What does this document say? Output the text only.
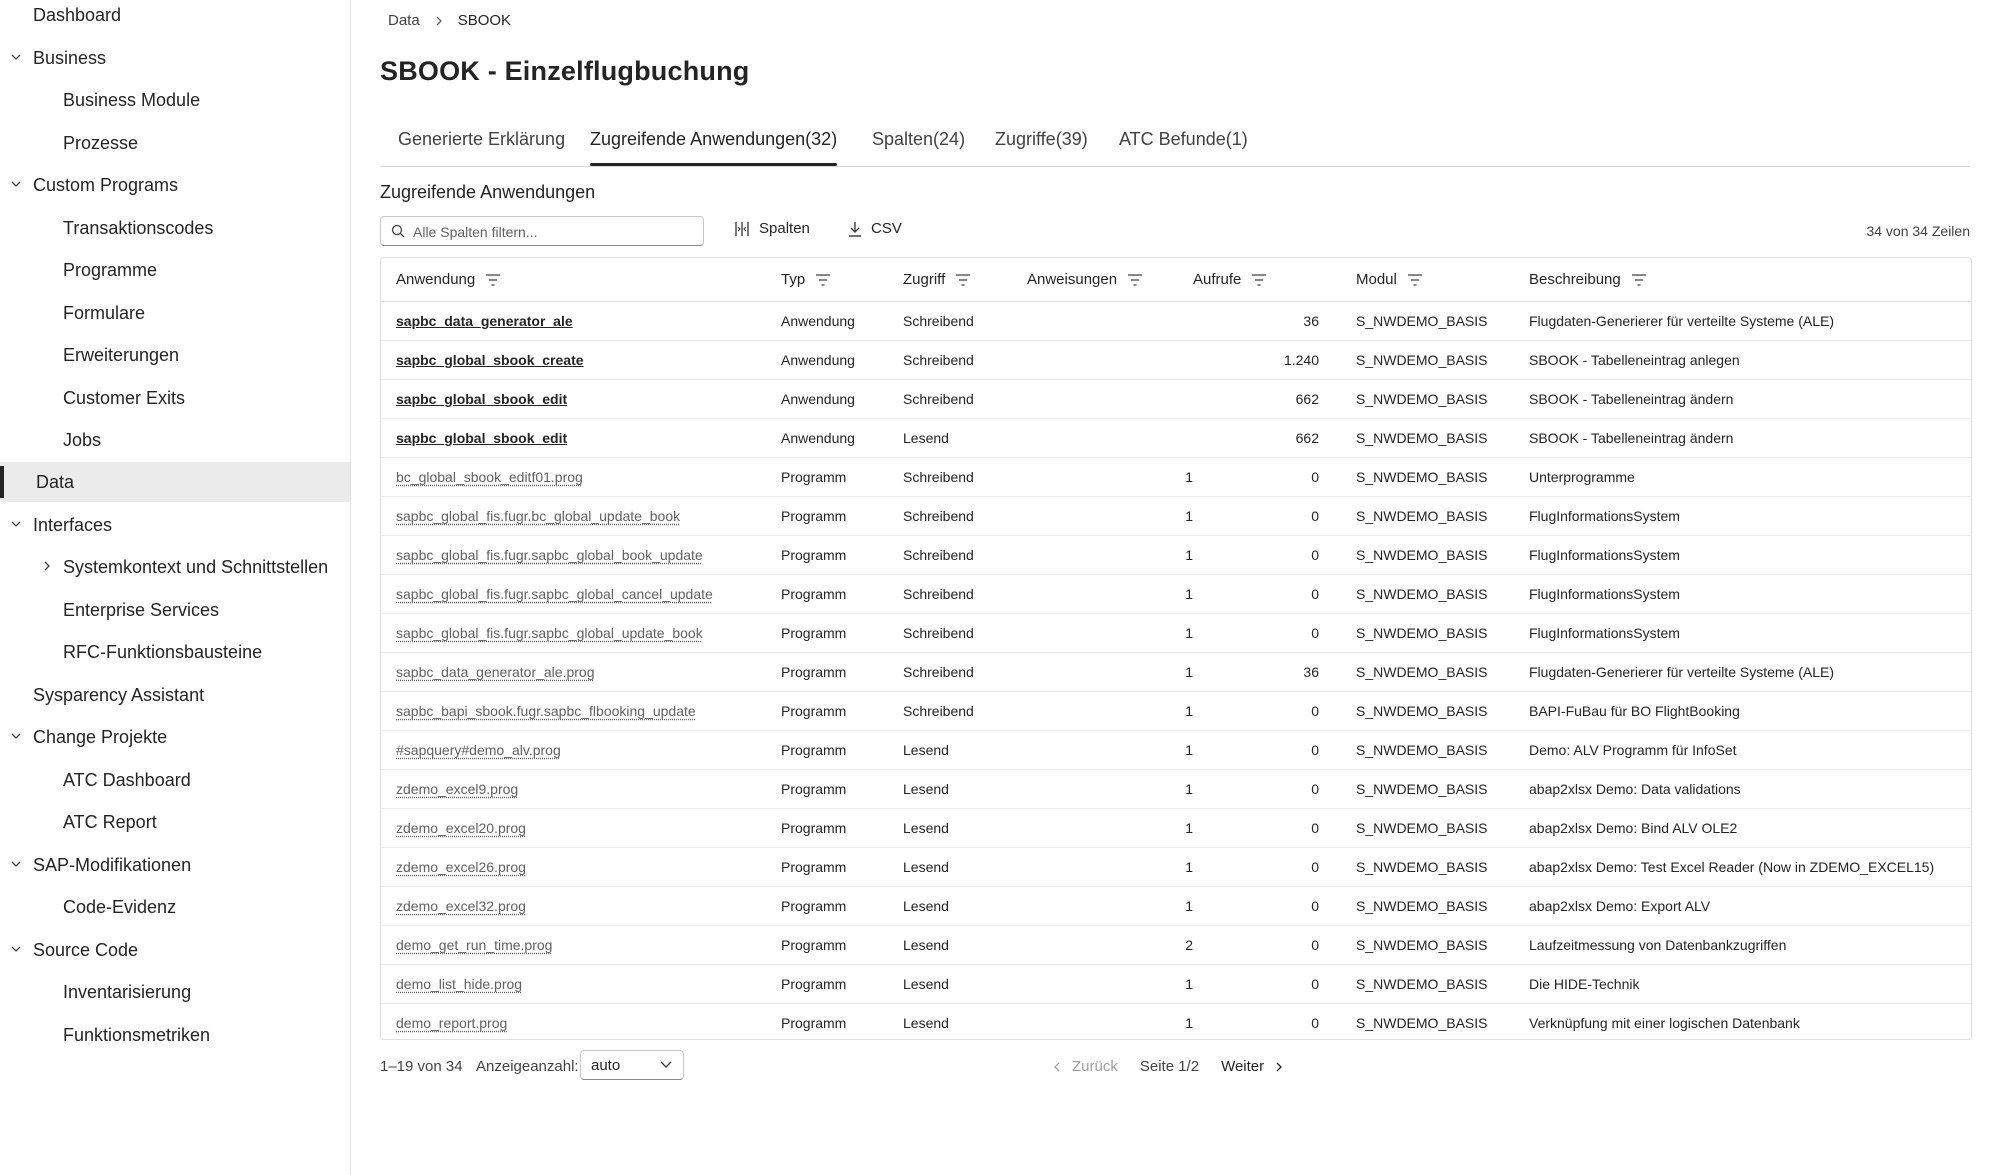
Dashboard
Business
Business Module
Prozesse
Custom Programs
Transaktionscodes
Programme
Formulare
Erweiterungen
Customer Exits
Jobs
Data
Interfaces
Systemkontext und Schnittstellen
Enterprise Services
RFC-Funktionsbausteine
Sysparency Assistant
Change Projekte
ATC Dashboard
ATC Report
SAP-Modifikationen
Code-Evidenz
Source Code
Inventarisierung
Funktionsmetriken
Data	SBOOK
SBOOK - Einzelflugbuchung
Generierte Erklärung Zugreifende Anwendungen(32) Spalten(24) Zugriffe(39) ATC Befunde(1)
Zugreifende Anwendungen
Alle Spalten filtern...
Spalten	CSV	34 von 34 Zeilen
Anwendung	Typ	Zugriff	Anweisungen	Aufrufe		Modul	Beschreibung

sapbc_data_generator_ale	Anwendung	Schreibend		36		S_NWDEMO_BASIS	Flugdaten-Generierer für verteilte Systeme (ALE)
sapbc_global_sbook_create	Anwendung	Schreibend		1.240		S_NWDEMO_BASIS	SBOOK - Tabelleneintrag anlegen
sapbc_global_sbook_edit	Anwendung	Schreibend		662		S_NWDEMO_BASIS	SBOOK - Tabelleneintrag ändern
sapbc_global_sbook_edit	Anwendung	Lesend		662		S_NWDEMO_BASIS	SBOOK - Tabelleneintrag ändern
bc_global_sbook_editf01.prog	Programm	Schreibend	1	0		S_NWDEMO_BASIS	Unterprogramme
sapbc_global_fis.fugr.bc_global_update_book	Programm	Schreibend	1	0		S_NWDEMO_BASIS	FlugInformationsSystem
sapbc_global_fis.fugr.sapbc_global_book_update	Programm	Schreibend	1	0		S_NWDEMO_BASIS	FlugInformationsSystem
sapbc_global_fis.fugr.sapbc_global_cancel_update	Programm	Schreibend	1	0		S_NWDEMO_BASIS	FlugInformationsSystem
sapbc_global_fis.fugr.sapbc_global_update_book	Programm	Schreibend	1	0		S_NWDEMO_BASIS	FlugInformationsSystem
sapbc_data_generator_ale.prog	Programm	Schreibend	1	36		S_NWDEMO_BASIS	Flugdaten-Generierer für verteilte Systeme (ALE)
sapbc_bapi_sbook.fugr.sapbc_flbooking_update	Programm	Schreibend	1	0		S_NWDEMO_BASIS	BAPI-FuBau für BO FlightBooking
#sapquery#demo_alv.prog	Programm	Lesend	1	0		S_NWDEMO_BASIS	Demo: ALV Programm für InfoSet
zdemo_excel9.prog	Programm	Lesend	1	0		S_NWDEMO_BASIS	abap2xlsx Demo: Data validations
zdemo_excel20.prog	Programm	Lesend	1	0		S_NWDEMO_BASIS	abap2xlsx Demo: Bind ALV OLE2
zdemo_excel26.prog	Programm	Lesend	1	0		S_NWDEMO_BASIS	abap2xlsx Demo: Test Excel Reader (Now in ZDEMO_EXCEL15)
zdemo_excel32.prog	Programm	Lesend	1	0		S_NWDEMO_BASIS	abap2xlsx Demo: Export ALV
demo_get_run_time.prog	Programm	Lesend	2	0		S_NWDEMO_BASIS	Laufzeitmessung von Datenbankzugriffen
demo_list_hide.prog	Programm	Lesend	1	0		S_NWDEMO_BASIS	Die HIDE-Technik
demo_report.prog	Programm	Lesend	1	0		S_NWDEMO_BASIS	Verknüpfung mit einer logischen Datenbank
1–19 von 34 Anzeigeanzahl: auto	Zurück Seite 1/2 Weiter
